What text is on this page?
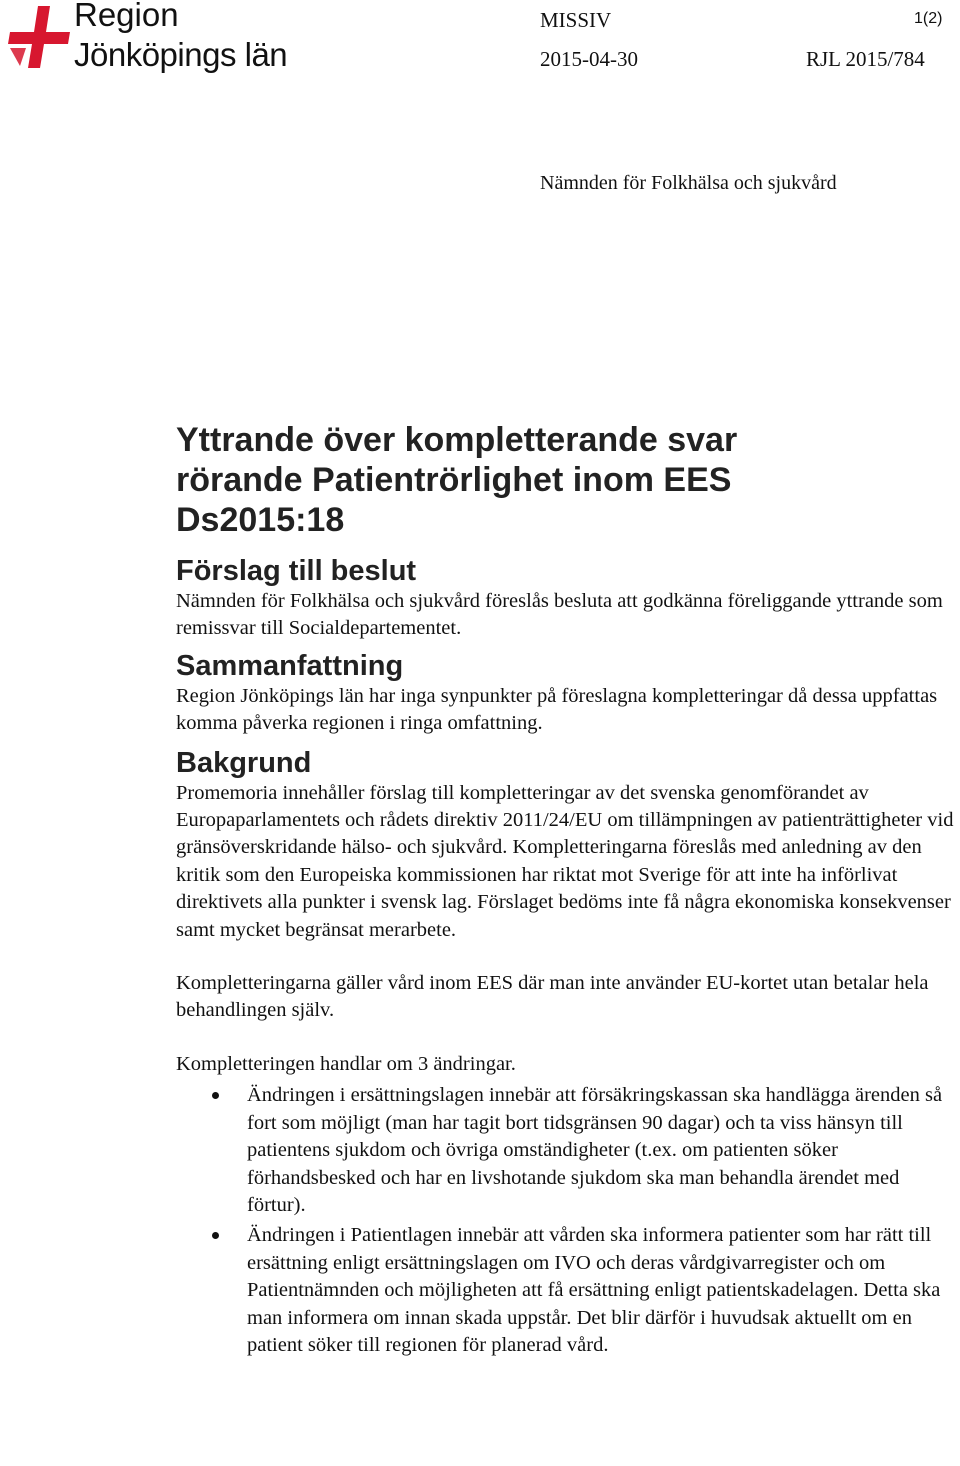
Region
Jönköpings län
MISSIV	1(2)
2015-04-30	RJL 2015/784
Nämnden för Folkhälsa och sjukvård
Yttrande över kompletterande svar
rörande Patientrörlighet inom EES
Ds2015:18
Förslag till beslut

Nämnden för Folkhälsa och sjukvård föreslås besluta att godkänna föreliggande yttrande som remissvar till Socialdepartementet.

Sammanfattning

Region Jönköpings län har inga synpunkter på föreslagna kompletteringar då dessa uppfattas komma påverka regionen i ringa omfattning.

Bakgrund

Promemoria innehåller förslag till kompletteringar av det svenska genomförandet av Europaparlamentets och rådets direktiv 2011/24/EU om tillämpningen av patienträttigheter vid gränsöverskridande hälso- och sjukvård. Kompletteringarna föreslås med anledning av den kritik som den Europeiska kommissionen har riktat mot Sverige för att inte ha införlivat direktivets alla punkter i svensk lag. Förslaget bedöms inte få några ekonomiska konsekvenser samt mycket begränsat merarbete.

Kompletteringarna gäller vård inom EES där man inte använder EU-kortet utan betalar hela behandlingen själv.

Kompletteringen handlar om 3 ändringar.

Ändringen i ersättningslagen innebär att försäkringskassan ska handlägga ärenden så fort som möjligt (man har tagit bort tidsgränsen 90 dagar) och ta viss hänsyn till patientens sjukdom och övriga omständigheter (t.ex. om patienten söker förhandsbesked och har en livshotande sjukdom ska man behandla ärendet med förtur).
Ändringen i Patientlagen innebär att vården ska informera patienter som har rätt till ersättning enligt ersättningslagen om IVO och deras vårdgivarregister och om Patientnämnden och möjligheten att få ersättning enligt patientskadelagen. Detta ska man informera om innan skada uppstår. Det blir därför i huvudsak aktuellt om en patient söker till regionen för planerad vård.
